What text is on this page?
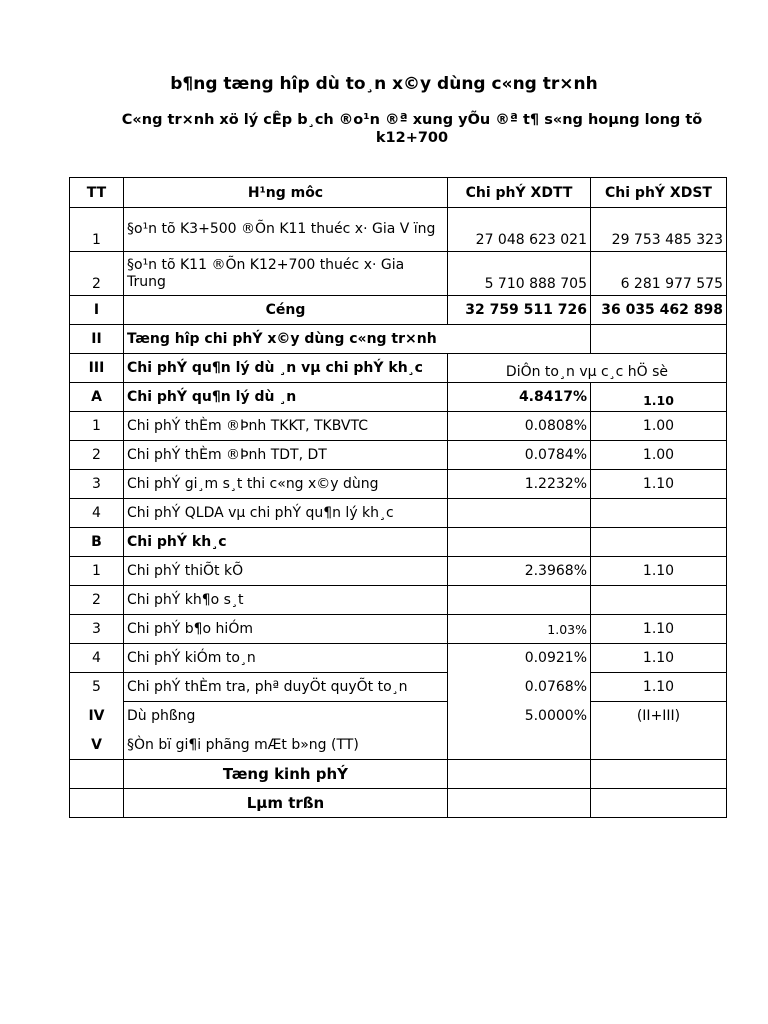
b¶ng tæng hîp dù to¸n x©y dùng c«ng tr×nh
C«ng tr×nh xö lý cÊp b¸ch ®o¹n ®ª xung yÕu ®ª t¶ s«ng hoµng long tõ k12+700
TT	H¹ng môc	Chi phÝ XDTT	Chi phÝ XDST
1	§o¹n tõ K3+500 ®Õn K11 thuéc x· Gia V ïng	27 048 623 021	29 753 485 323
2	§o¹n tõ K11 ®Õn K12+700 thuéc x· Gia Trung	5 710 888 705	6 281 977 575
I	Céng	32 759 511 726	36 035 462 898
II	Tæng hîp chi phÝ x©y dùng c«ng tr×nh		
III	Chi phÝ qu¶n lý dù ¸n vµ chi phÝ kh¸c	DiÔn to¸n vµ c¸c hÖ sè	
A	Chi phÝ qu¶n lý dù ¸n	4.8417%	1.10
1	Chi phÝ thÈm ®Þnh TKKT, TKBVTC	0.0808%	1.00
2	Chi phÝ thÈm ®Þnh TDT, DT	0.0784%	1.00
3	Chi phÝ gi¸m s¸t thi c«ng x©y dùng	1.2232%	1.10
4	Chi phÝ QLDA vµ chi phÝ qu¶n lý kh¸c		
B	Chi phÝ kh¸c		
1	Chi phÝ thiÕt kÕ	2.3968%	1.10
2	Chi phÝ kh¶o s¸t		
3	Chi phÝ b¶o hiÓm	1.03%	1.10
4	Chi phÝ kiÓm to¸n	0.0921%	1.10
5	Chi phÝ thÈm tra, phª duyÖt quyÕt to¸n	0.0768%	1.10
IV	Dù phßng	5.0000%	(II+III)
V	§Òn bï gi¶i phãng mÆt b»ng (TT)		
	Tæng kinh phÝ		
	Lµm trßn		
